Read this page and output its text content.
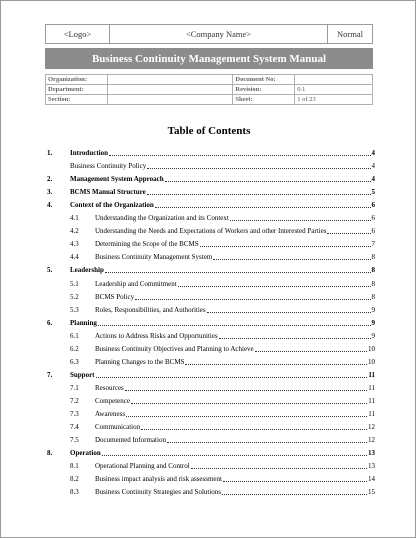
<Logo>	<Company Name>	Normal
Business Continuity Management System Manual
Organization:		Document No:	
Department:		Revision:	0.1
Section:		Sheet:	1 of 23
Table of Contents
1.	Introduction	4
Business Continuity Policy	4
2.	Management System Approach	4
3.	BCMS Manual Structure	5
4.	Context of the Organization	6
4.1 Understanding the Organization and its Context	6
4.2 Understanding the Needs and Expectations of Workers and other Interested Parties	6
4.3 Determining the Scope of the BCMS	7
4.4 Business Continuity Management System	8
5.	Leadership	8
5.1 Leadership and Commitment	8
5.2 BCMS Policy	8
5.3 Roles, Responsibilities, and Authorities	9
6.	Planning	9
6.1 Actions to Address Risks and Opportunities	9
6.2 Business Continuity Objectives and Planning to Achieve	10
6.3 Planning Changes to the BCMS	10
7.	Support	11
7.1 Resources	11
7.2 Competence	11
7.3 Awareness	11
7.4 Communication	12
7.5 Documented Information	12
8.	Operation	13
8.1 Operational Planning and Control	13
8.2 Business impact analysis and risk assessment	14
8.3 Business Continuity Strategies and Solutions	15
